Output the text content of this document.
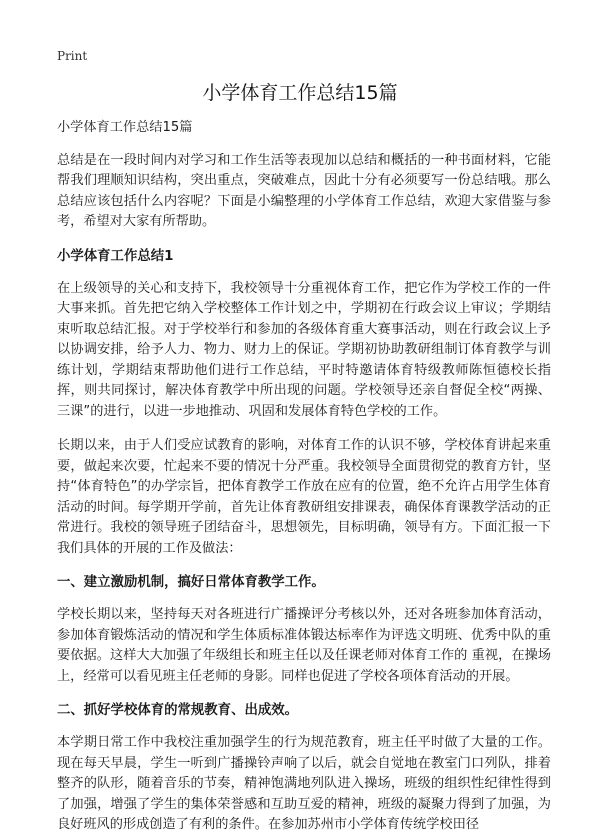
Print
小学体育工作总结15篇

小学体育工作总结15篇

总结是在一段时间内对学习和工作生活等表现加以总结和概括的一种书面材料，它能帮我们理顺知识结构，突出重点，突破难点，因此十分有必须要写一份总结哦。那么总结应该包括什么内容呢？下面是小编整理的小学体育工作总结，欢迎大家借鉴与参考，希望对大家有所帮助。

小学体育工作总结1

在上级领导的关心和支持下，我校领导十分重视体育工作，把它作为学校工作的一件大事来抓。首先把它纳入学校整体工作计划之中，学期初在行政会议上审议；学期结束听取总结汇报。对于学校举行和参加的各级体育重大赛事活动，则在行政会议上予以协调安排，给予人力、物力、财力上的保证。学期初协助教研组制订体育教学与训练计划，学期结束帮助他们进行工作总结，平时特邀请体育特级教师陈恒德校长指挥，则共同探讨，解决体育教学中所出现的问题。学校领导还亲自督促全校“两操、三课”的进行，以进一步地推动、巩固和发展体育特色学校的工作。

长期以来，由于人们受应试教育的影响，对体育工作的认识不够，学校体育讲起来重要，做起来次要，忙起来不要的情况十分严重。我校领导全面贯彻党的教育方针，坚持“体育特色”的办学宗旨，把体育教学工作放在应有的位置，绝不允许占用学生体育活动的时间。每学期开学前，首先让体育教研组安排课表，确保体育课教学活动的正常进行。我校的领导班子团结奋斗，思想领先，目标明确，领导有方。下面汇报一下我们具体的开展的工作及做法：

一、建立激励机制，搞好日常体育教学工作。

学校长期以来，坚持每天对各班进行广播操评分考核以外，还对各班参加体育活动，参加体育锻炼活动的情况和学生体质标准体锻达标率作为评选文明班、优秀中队的重要依据。这样大大加强了年级组长和班主任以及任课老师对体育工作的 重视，在操场上，经常可以看见班主任老师的身影。同样也促进了学校各项体育活动的开展。

二、抓好学校体育的常规教育、出成效。

本学期日常工作中我校注重加强学生的行为规范教育，班主任平时做了大量的工作。现在每天早晨，学生一听到广播操铃声响了以后，就会自觉地在教室门口列队，排着整齐的队形，随着音乐的节奏，精神饱满地列队进入操场，班级的组织性纪律性得到了加强，增强了学生的集体荣誉感和互助互爱的精神，班级的凝聚力得到了加强，为良好班风的形成创造了有利的条件。在参加苏州市小学体育传统学校田径
